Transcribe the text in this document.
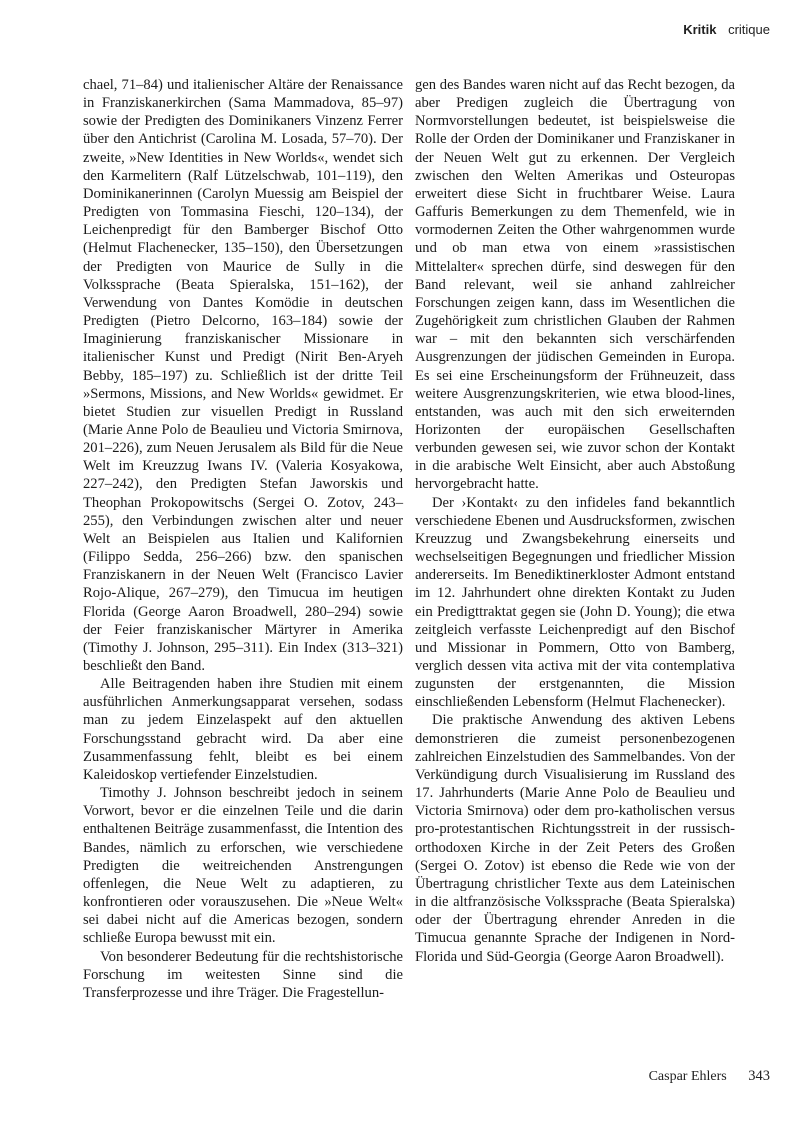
Kritik critique

chael, 71–84) und italienischer Altäre der Renaissance in Franziskanerkirchen (Sama Mammadova, 85–97) sowie der Predigten des Dominikaners Vinzenz Ferrer über den Antichrist (Carolina M. Losada, 57–70). Der zweite, »New Identities in New Worlds«, wendet sich den Karmelitern (Ralf Lützelschwab, 101–119), den Dominikanerinnen (Carolyn Muessig am Beispiel der Predigten von Tommasina Fieschi, 120–134), der Leichenpredigt für den Bamberger Bischof Otto (Helmut Flachenecker, 135–150), den Übersetzungen der Predigten von Maurice de Sully in die Volkssprache (Beata Spieralska, 151–162), der Verwendung von Dantes Komödie in deutschen Predigten (Pietro Delcorno, 163–184) sowie der Imaginierung franziskanischer Missionare in italienischer Kunst und Predigt (Nirit Ben-Aryeh Bebby, 185–197) zu. Schließlich ist der dritte Teil »Sermons, Missions, and New Worlds« gewidmet. Er bietet Studien zur visuellen Predigt in Russland (Marie Anne Polo de Beaulieu und Victoria Smirnova, 201–226), zum Neuen Jerusalem als Bild für die Neue Welt im Kreuzzug Iwans IV. (Valeria Kosyakowa, 227–242), den Predigten Stefan Jaworskis und Theophan Prokopowitschs (Sergei O. Zotov, 243–255), den Verbindungen zwischen alter und neuer Welt an Beispielen aus Italien und Kalifornien (Filippo Sedda, 256–266) bzw. den spanischen Franziskanern in der Neuen Welt (Francisco Lavier Rojo-Alique, 267–279), den Timucua im heutigen Florida (George Aaron Broadwell, 280–294) sowie der Feier franziskanischer Märtyrer in Amerika (Timothy J. Johnson, 295–311). Ein Index (313–321) beschließt den Band.

Alle Beitragenden haben ihre Studien mit einem ausführlichen Anmerkungsapparat versehen, sodass man zu jedem Einzelaspekt auf den aktuellen Forschungsstand gebracht wird. Da aber eine Zusammenfassung fehlt, bleibt es bei einem Kaleidoskop vertiefender Einzelstudien.

Timothy J. Johnson beschreibt jedoch in seinem Vorwort, bevor er die einzelnen Teile und die darin enthaltenen Beiträge zusammenfasst, die Intention des Bandes, nämlich zu erforschen, wie verschiedene Predigten die weitreichenden Anstrengungen offenlegen, die Neue Welt zu adaptieren, zu konfrontieren oder vorauszusehen. Die »Neue Welt« sei dabei nicht auf die Americas bezogen, sondern schließe Europa bewusst mit ein.

Von besonderer Bedeutung für die rechtshistorische Forschung im weitesten Sinne sind die Transferprozesse und ihre Träger. Die Fragestellun-

gen des Bandes waren nicht auf das Recht bezogen, da aber Predigen zugleich die Übertragung von Normvorstellungen bedeutet, ist beispielsweise die Rolle der Orden der Dominikaner und Franziskaner in der Neuen Welt gut zu erkennen. Der Vergleich zwischen den Welten Amerikas und Osteuropas erweitert diese Sicht in fruchtbarer Weise. Laura Gaffuris Bemerkungen zu dem Themenfeld, wie in vormodernen Zeiten the Other wahrgenommen wurde und ob man etwa von einem »rassistischen Mittelalter« sprechen dürfe, sind deswegen für den Band relevant, weil sie anhand zahlreicher Forschungen zeigen kann, dass im Wesentlichen die Zugehörigkeit zum christlichen Glauben der Rahmen war – mit den bekannten sich verschärfenden Ausgrenzungen der jüdischen Gemeinden in Europa. Es sei eine Erscheinungsform der Frühneuzeit, dass weitere Ausgrenzungskriterien, wie etwa blood-lines, entstanden, was auch mit den sich erweiternden Horizonten der europäischen Gesellschaften verbunden gewesen sei, wie zuvor schon der Kontakt in die arabische Welt Einsicht, aber auch Abstoßung hervorgebracht hatte.

Der ›Kontakt‹ zu den infideles fand bekanntlich verschiedene Ebenen und Ausdrucksformen, zwischen Kreuzzug und Zwangsbekehrung einerseits und wechselseitigen Begegnungen und friedlicher Mission andererseits. Im Benediktinerkloster Admont entstand im 12. Jahrhundert ohne direkten Kontakt zu Juden ein Predigttraktat gegen sie (John D. Young); die etwa zeitgleich verfasste Leichenpredigt auf den Bischof und Missionar in Pommern, Otto von Bamberg, verglich dessen vita activa mit der vita contemplativa zugunsten der erstgenannten, die Mission einschließenden Lebensform (Helmut Flachenecker).

Die praktische Anwendung des aktiven Lebens demonstrieren die zumeist personenbezogenen zahlreichen Einzelstudien des Sammelbandes. Von der Verkündigung durch Visualisierung im Russland des 17. Jahrhunderts (Marie Anne Polo de Beaulieu und Victoria Smirnova) oder dem pro-katholischen versus pro-protestantischen Richtungsstreit in der russisch-orthodoxen Kirche in der Zeit Peters des Großen (Sergei O. Zotov) ist ebenso die Rede wie von der Übertragung christlicher Texte aus dem Lateinischen in die altfranzösische Volkssprache (Beata Spieralska) oder der Übertragung ehrender Anreden in die Timucua genannte Sprache der Indigenen in Nord-Florida und Süd-Georgia (George Aaron Broadwell).

Caspar Ehlers 343
